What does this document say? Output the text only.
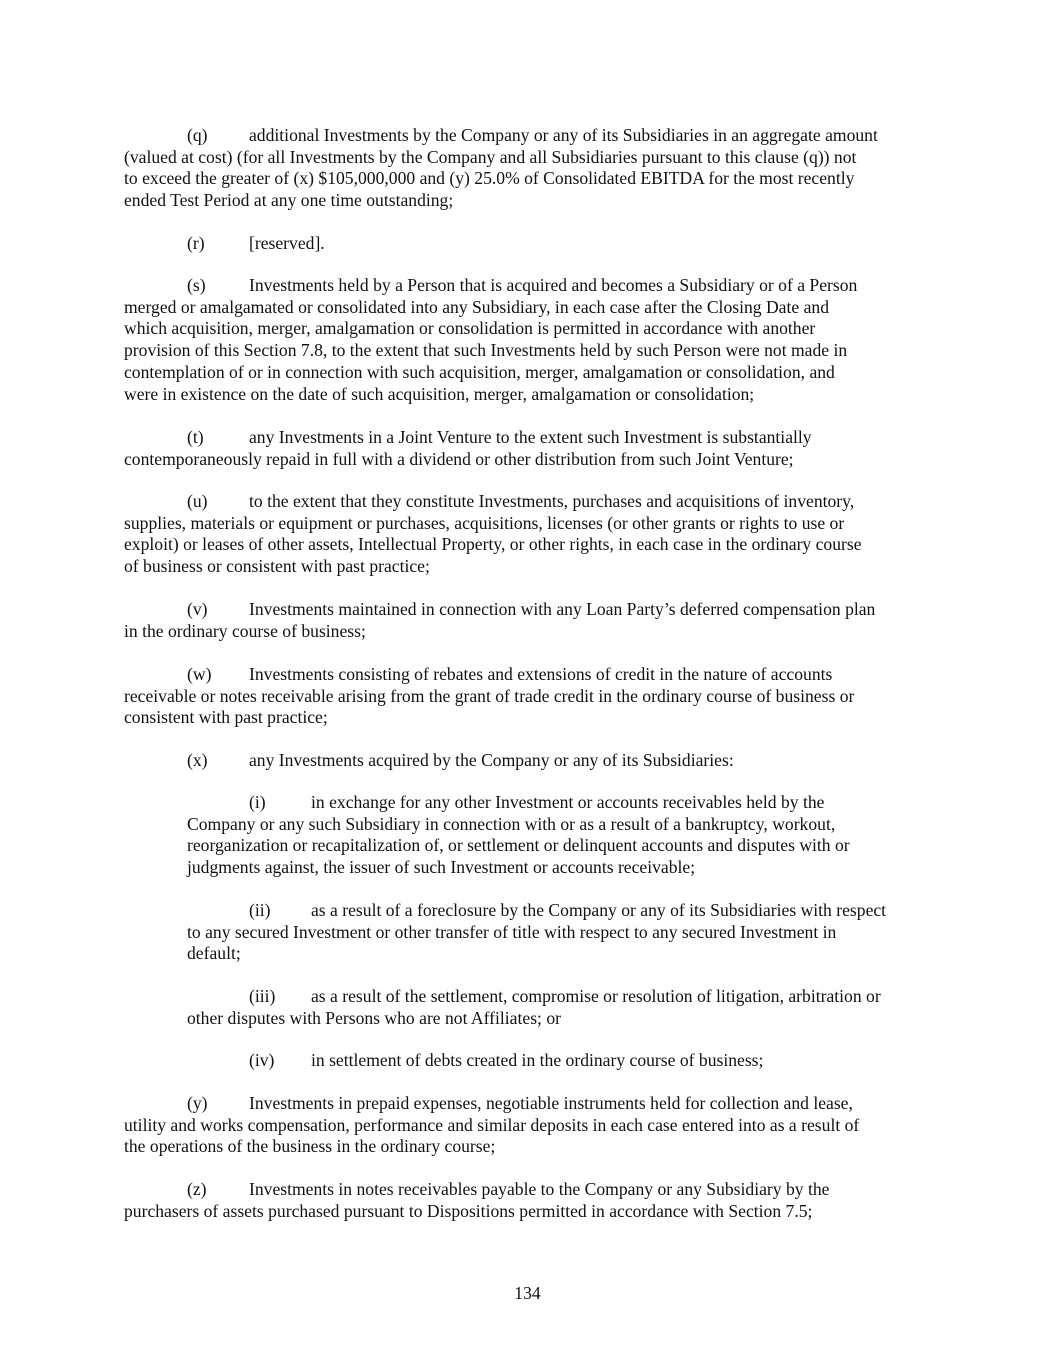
(q) additional Investments by the Company or any of its Subsidiaries in an aggregate amount
(valued at cost) (for all Investments by the Company and all Subsidiaries pursuant to this clause (q)) not
to exceed the greater of (x) $105,000,000 and (y) 25.0% of Consolidated EBITDA for the most recently
ended Test Period at any one time outstanding;
(r)	[reserved].
(s) Investments held by a Person that is acquired and becomes a Subsidiary or of a Person
merged or amalgamated or consolidated into any Subsidiary, in each case after the Closing Date and
which acquisition, merger, amalgamation or consolidation is permitted in accordance with another
provision of this Section 7.8, to the extent that such Investments held by such Person were not made in
contemplation of or in connection with such acquisition, merger, amalgamation or consolidation, and
were in existence on the date of such acquisition, merger, amalgamation or consolidation;
(t)	any Investments in a Joint Venture to the extent such Investment is substantially
contemporaneously repaid in full with a dividend or other distribution from such Joint Venture;
(u) to the extent that they constitute Investments, purchases and acquisitions of inventory,
supplies, materials or equipment or purchases, acquisitions, licenses (or other grants or rights to use or
exploit) or leases of other assets, Intellectual Property, or other rights, in each case in the ordinary course
of business or consistent with past practice;
(v) Investments maintained in connection with any Loan Party’s deferred compensation plan
in the ordinary course of business;
(w) Investments consisting of rebates and extensions of credit in the nature of accounts
receivable or notes receivable arising from the grant of trade credit in the ordinary course of business or
consistent with past practice;
(x) any Investments acquired by the Company or any of its Subsidiaries:
(i)	in exchange for any other Investment or accounts receivables held by the
Company or any such Subsidiary in connection with or as a result of a bankruptcy, workout,
reorganization or recapitalization of, or settlement or delinquent accounts and disputes with or
judgments against, the issuer of such Investment or accounts receivable;
(ii) as a result of a foreclosure by the Company or any of its Subsidiaries with respect
to any secured Investment or other transfer of title with respect to any secured Investment in
default;
(iii) as a result of the settlement, compromise or resolution of litigation, arbitration or
other disputes with Persons who are not Affiliates; or
(iv) in settlement of debts created in the ordinary course of business;
(y) Investments in prepaid expenses, negotiable instruments held for collection and lease,
utility and works compensation, performance and similar deposits in each case entered into as a result of
the operations of the business in the ordinary course;
(z) Investments in notes receivables payable to the Company or any Subsidiary by the
purchasers of assets purchased pursuant to Dispositions permitted in accordance with Section 7.5;
134
